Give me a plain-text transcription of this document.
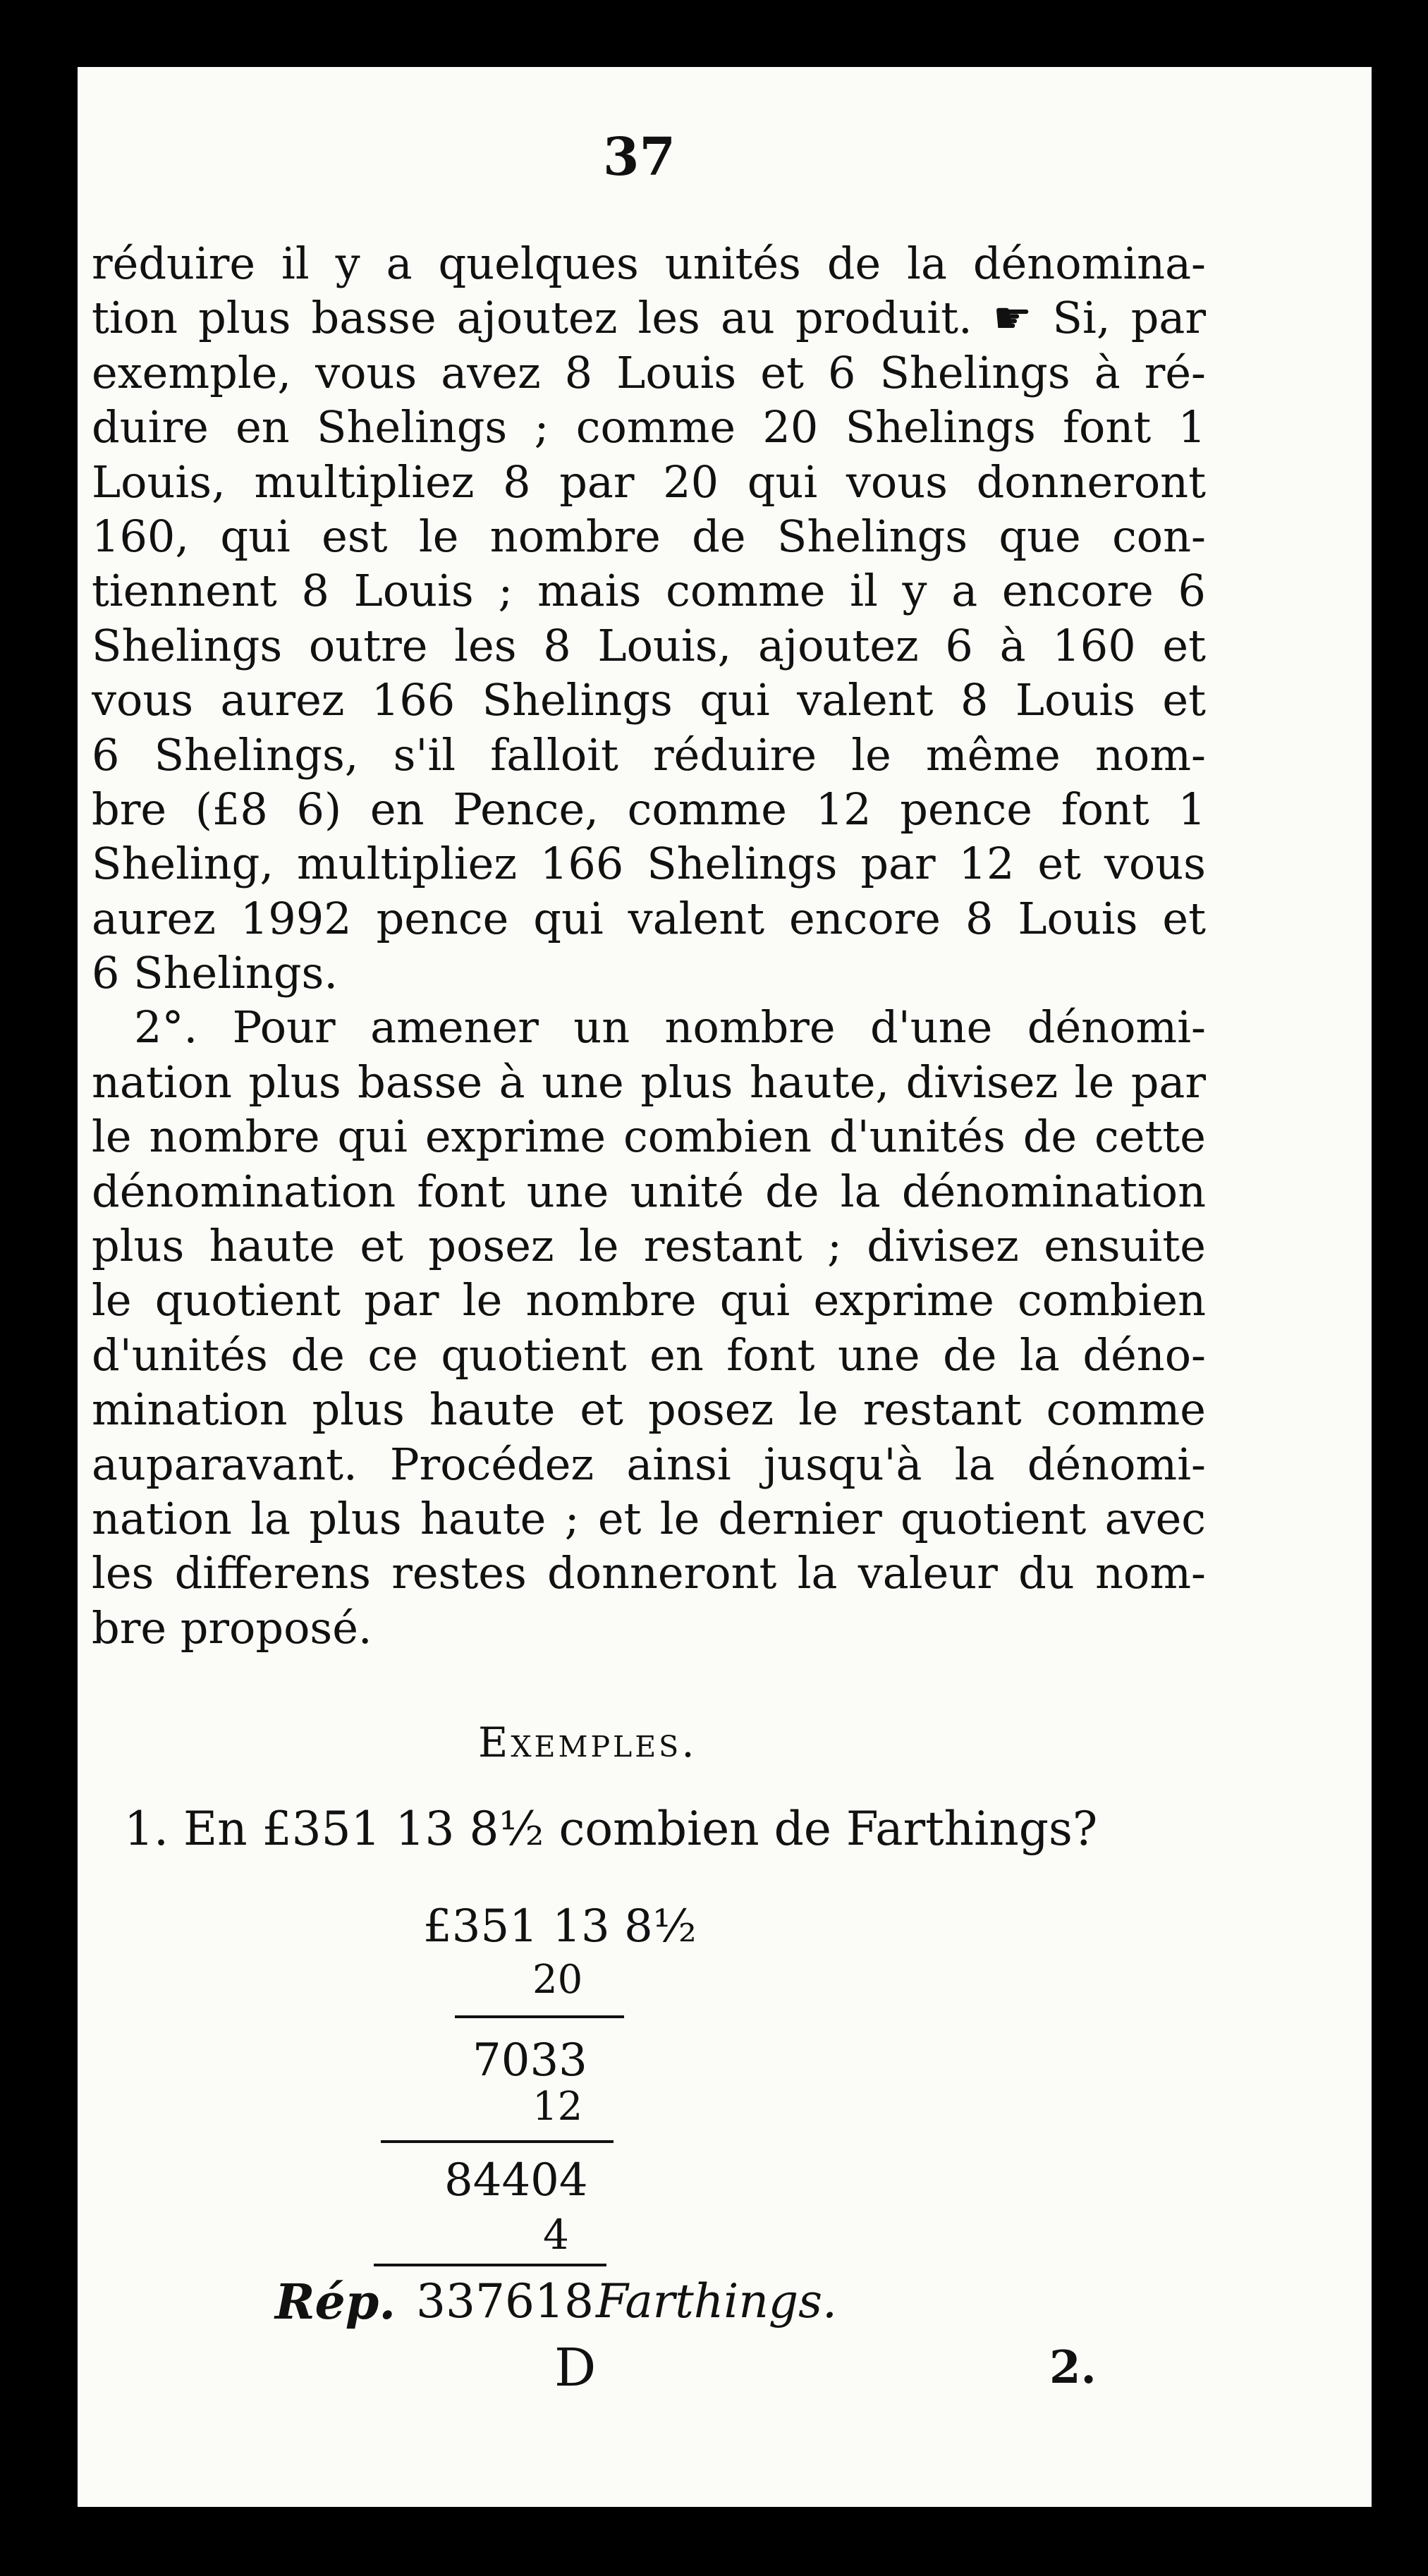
37
réduire il y a quelques unités de la dénomina-
tion plus basse ajoutez les au produit. ☛ Si, par
exemple, vous avez 8 Louis et 6 Shelings à ré-
duire en Shelings ; comme 20 Shelings font 1
Louis, multipliez 8 par 20 qui vous donneront
160, qui est le nombre de Shelings que con-
tiennent 8 Louis ; mais comme il y a encore 6
Shelings outre les 8 Louis, ajoutez 6 à 160 et
vous aurez 166 Shelings qui valent 8 Louis et
6 Shelings, s'il falloit réduire le même nom-
bre (£8 6) en Pence, comme 12 pence font 1
Sheling, multipliez 166 Shelings par 12 et vous
aurez 1992 pence qui valent encore 8 Louis et
6 Shelings.
2°. Pour amener un nombre d'une dénomi-
nation plus basse à une plus haute, divisez le par
le nombre qui exprime combien d'unités de cette
dénomination font une unité de la dénomination
plus haute et posez le restant ; divisez ensuite
le quotient par le nombre qui exprime combien
d'unités de ce quotient en font une de la déno-
mination plus haute et posez le restant comme
auparavant. Procédez ainsi jusqu'à la dénomi-
nation la plus haute ; et le dernier quotient avec
les differens restes donneront la valeur du nom-
bre proposé.
Exemples.
1. En £351 13 8½ combien de Farthings?
£351 13 8½
20
7033
12
84404
4
Rép. 337618 Farthings.
D	2.
